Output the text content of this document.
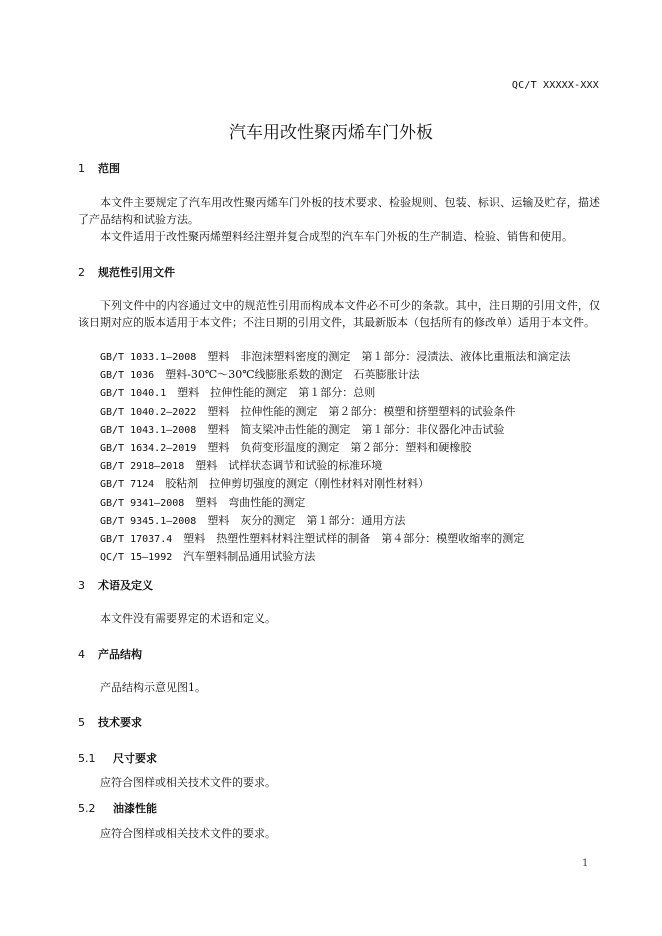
QC/T XXXXX-XXX
汽车用改性聚丙烯车门外板
1 范围
本文件主要规定了汽车用改性聚丙烯车门外板的技术要求、检验规则、包装、标识、运输及贮存，描述了产品结构和试验方法。
本文件适用于改性聚丙烯塑料经注塑并复合成型的汽车车门外板的生产制造、检验、销售和使用。
2 规范性引用文件
下列文件中的内容通过文中的规范性引用而构成本文件必不可少的条款。其中，注日期的引用文件，仅该日期对应的版本适用于本文件；不注日期的引用文件，其最新版本（包括所有的修改单）适用于本文件。
GB/T 1033.1—2008　 塑料　非泡沫塑料密度的测定　第１部分：浸渍法、液体比重瓶法和滴定法
GB/T 1036　 塑料-30℃～30℃线膨胀系数的测定　石英膨胀计法
GB/T 1040.1　 塑料　拉伸性能的测定　第１部分：总则
GB/T 1040.2—2022　 塑料　拉伸性能的测定　第２部分：模塑和挤塑塑料的试验条件
GB/T 1043.1—2008　 塑料　简支梁冲击性能的测定　第１部分：非仪器化冲击试验
GB/T 1634.2—2019　 塑料　负荷变形温度的测定　第２部分：塑料和硬橡胶
GB/T 2918—2018　 塑料　试样状态调节和试验的标准环境
GB/T 7124　 胶粘剂　拉伸剪切强度的测定（刚性材料对刚性材料）
GB/T 9341—2008　 塑料　弯曲性能的测定
GB/T 9345.1—2008　 塑料　灰分的测定　第１部分：通用方法
GB/T 17037.4　 塑料　热塑性塑料材料注塑试样的制备　第４部分：模塑收缩率的测定
QC/T 15—1992　 汽车塑料制品通用试验方法
3 术语及定义
本文件没有需要界定的术语和定义。
4 产品结构
产品结构示意见图1。
5 技术要求
5.1　 尺寸要求
应符合图样或相关技术文件的要求。
5.2　 油漆性能
应符合图样或相关技术文件的要求。
1
